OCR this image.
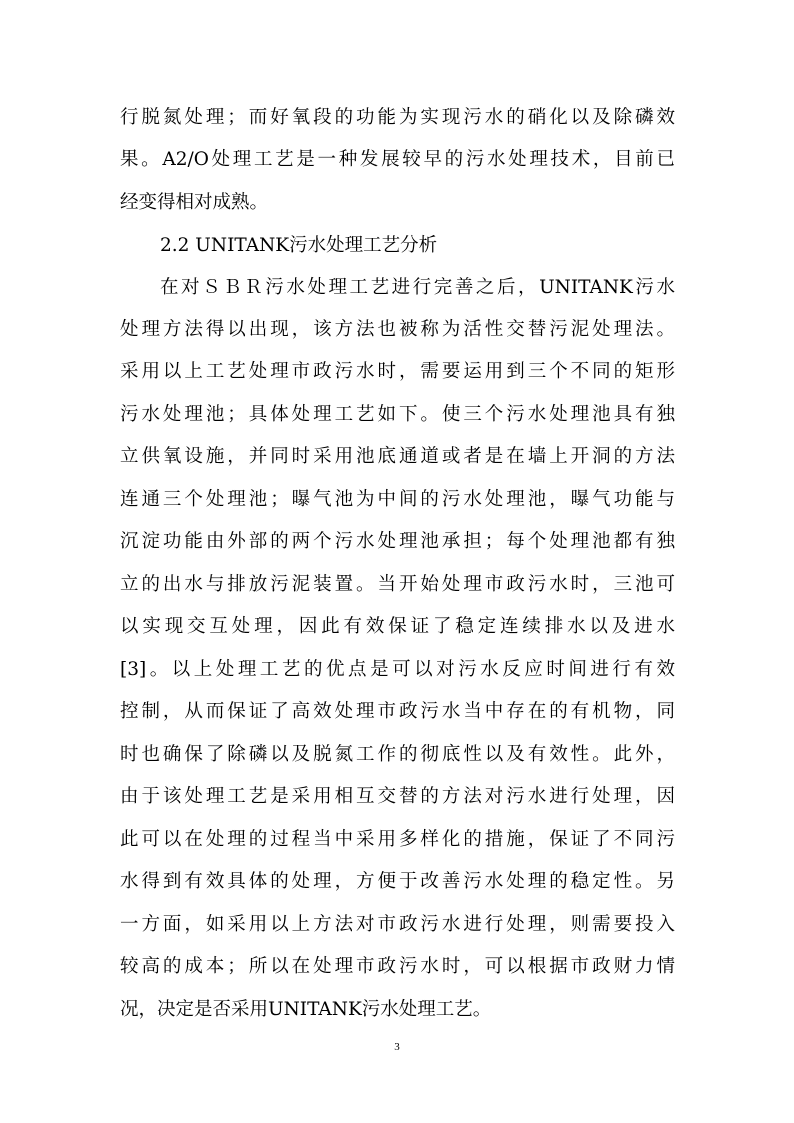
行脱氮处理；而好氧段的功能为实现污水的硝化以及除磷效
果。A2/O处理工艺是一种发展较早的污水处理技术，目前已
经变得相对成熟。
2.2 UNITANK污水处理工艺分析
在对ＳＢＲ污水处理工艺进行完善之后，UNITANK污水
处理方法得以出现，该方法也被称为活性交替污泥处理法。
采用以上工艺处理市政污水时，需要运用到三个不同的矩形
污水处理池；具体处理工艺如下。使三个污水处理池具有独
立供氧设施，并同时采用池底通道或者是在墙上开洞的方法
连通三个处理池；曝气池为中间的污水处理池，曝气功能与
沉淀功能由外部的两个污水处理池承担；每个处理池都有独
立的出水与排放污泥装置。当开始处理市政污水时，三池可
以实现交互处理，因此有效保证了稳定连续排水以及进水
[3]。以上处理工艺的优点是可以对污水反应时间进行有效
控制，从而保证了高效处理市政污水当中存在的有机物，同
时也确保了除磷以及脱氮工作的彻底性以及有效性。此外，
由于该处理工艺是采用相互交替的方法对污水进行处理，因
此可以在处理的过程当中采用多样化的措施，保证了不同污
水得到有效具体的处理，方便于改善污水处理的稳定性。另
一方面，如采用以上方法对市政污水进行处理，则需要投入
较高的成本；所以在处理市政污水时，可以根据市政财力情
况，决定是否采用UNITANK污水处理工艺。
3
